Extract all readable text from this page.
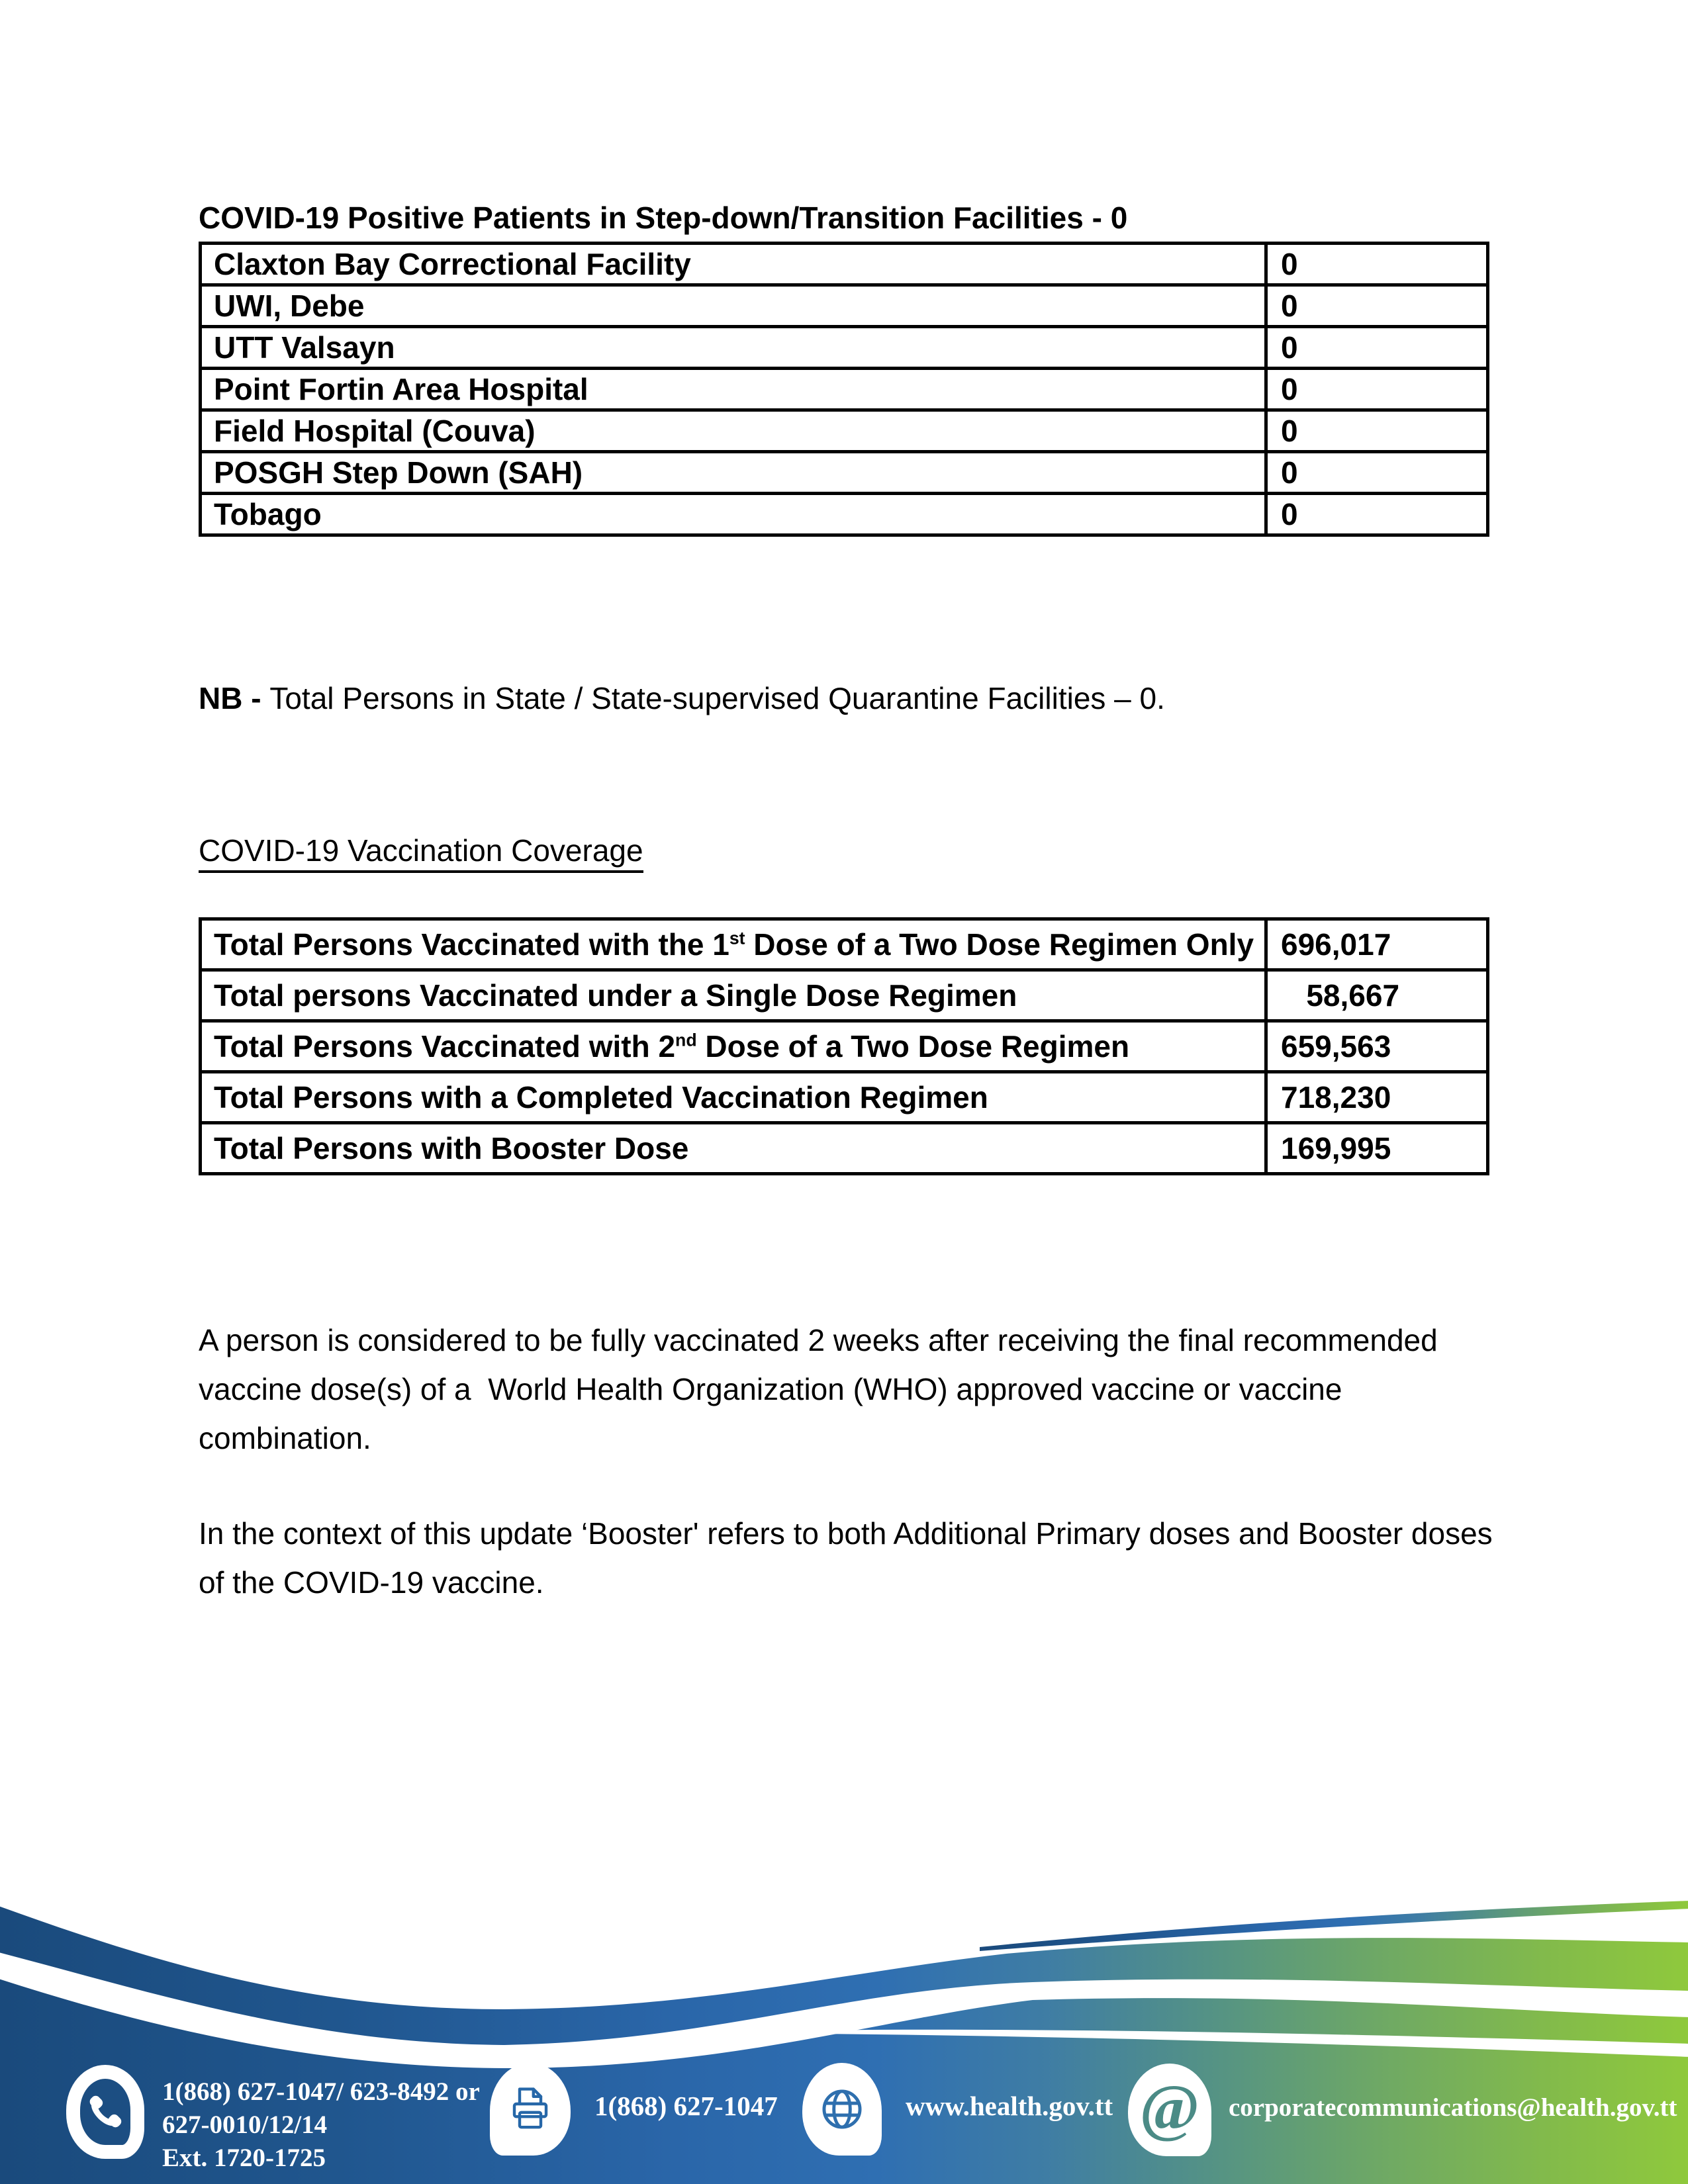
COVID-19 Positive Patients in Step-down/Transition Facilities - 0
Claxton Bay Correctional Facility	0
UWI, Debe	0
UTT Valsayn	0
Point Fortin Area Hospital	0
Field Hospital (Couva)	0
POSGH Step Down (SAH)	0
Tobago	0
NB - Total Persons in State / State-supervised Quarantine Facilities – 0.
COVID-19 Vaccination Coverage
Total Persons Vaccinated with the 1st Dose of a Two Dose Regimen Only	696,017

Total persons Vaccinated under a Single Dose Regimen	58,667

Total Persons Vaccinated with 2nd Dose of a Two Dose Regimen	659,563

Total Persons with a Completed Vaccination Regimen	718,230

Total Persons with Booster Dose	169,995
A person is considered to be fully vaccinated 2 weeks after receiving the final recommended vaccine dose(s) of a  World Health Organization (WHO) approved vaccine or vaccine combination.
In the context of this update ‘Booster' refers to both Additional Primary doses and Booster doses of the COVID-19 vaccine.
1(868) 627-1047/ 623-8492 or
627-0010/12/14
Ext. 1720-1725
1(868) 627-1047	www.health.gov.tt @ corporatecommunications@health.gov.tt
